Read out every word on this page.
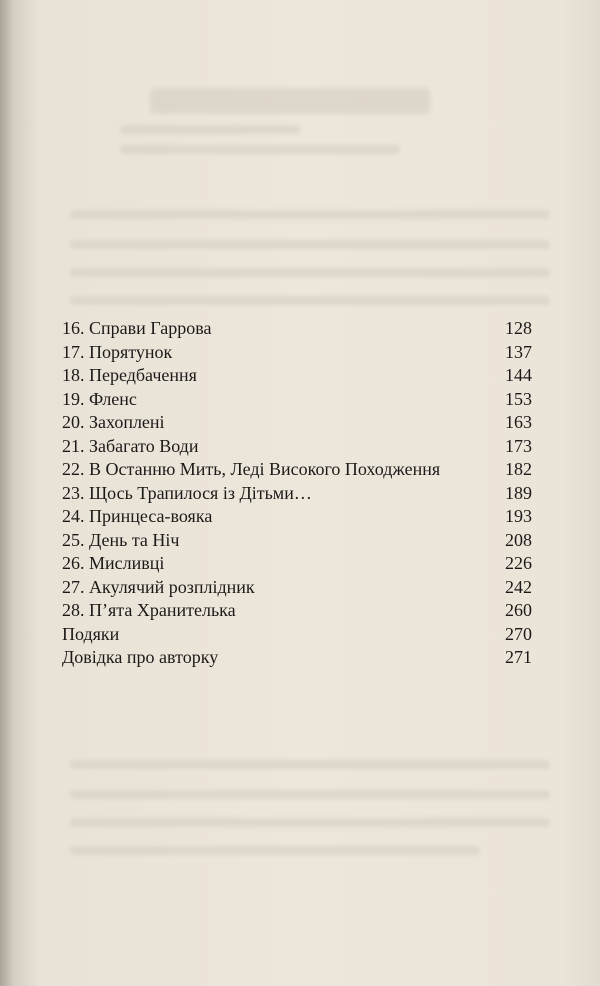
16. Справи Гаррова	128
17. Порятунок	137
18. Передбачення	144
19. Фленс	153
20. Захоплені	163
21. Забагато Води	173
22. В Останню Мить, Леді Високого Походження	182
23. Щось Трапилося із Дітьми…	189
24. Принцеса-вояка	193
25. День та Ніч	208
26. Мисливці	226
27. Акулячий розплідник	242
28. П’ята Хранителька	260
Подяки	270
Довідка про авторку	271
